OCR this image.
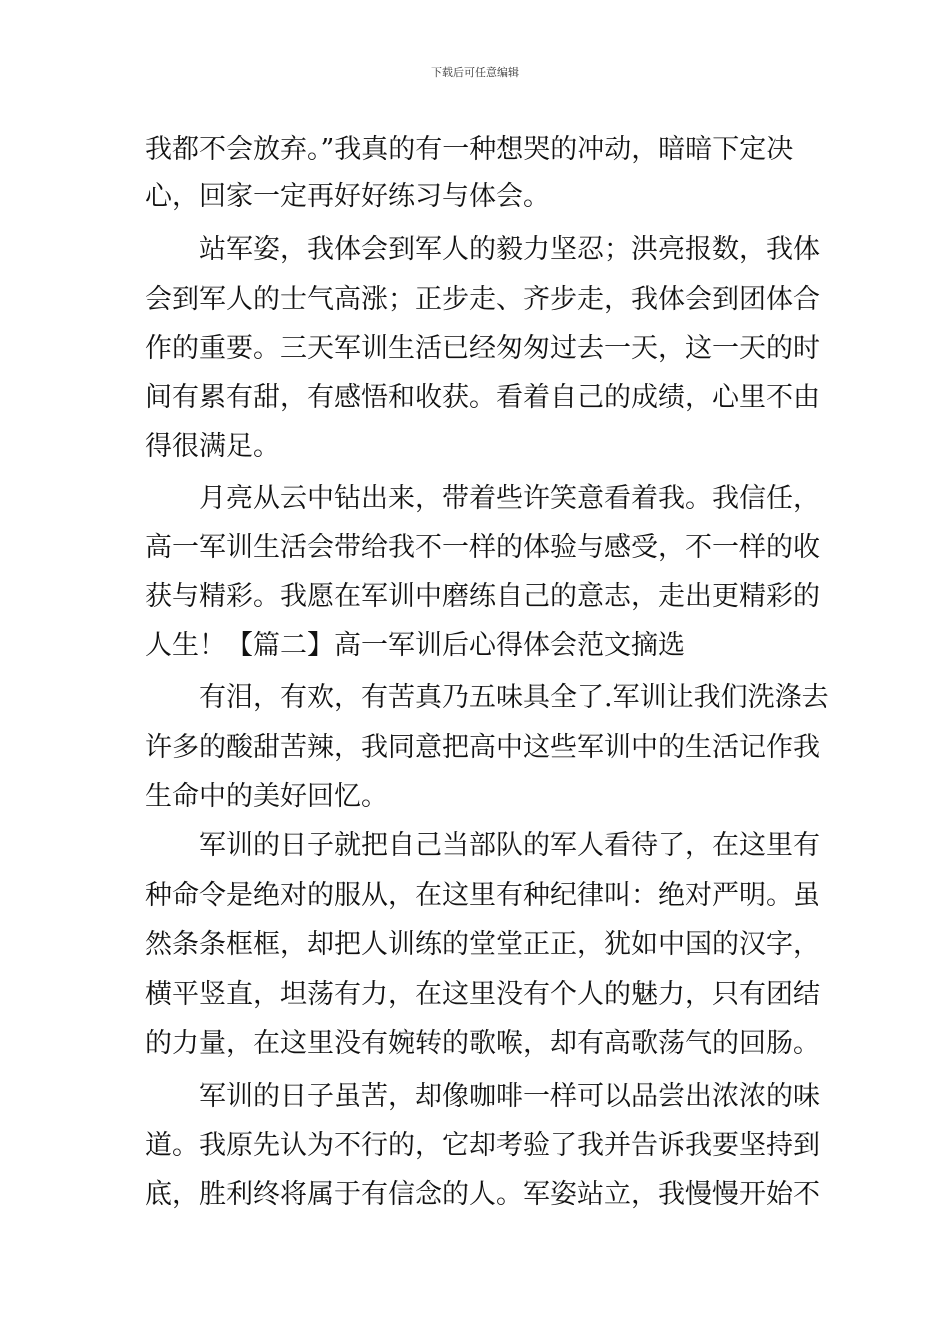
下载后可任意编辑
我都不会放弃。”我真的有一种想哭的冲动，暗暗下定决
心，回家一定再好好练习与体会。
站军姿，我体会到军人的毅力坚忍；洪亮报数，我体
会到军人的士气高涨；正步走、齐步走，我体会到团体合
作的重要。三天军训生活已经匆匆过去一天，这一天的时
间有累有甜，有感悟和收获。看着自己的成绩，心里不由
得很满足。
月亮从云中钻出来，带着些许笑意看着我。我信任，
高一军训生活会带给我不一样的体验与感受，不一样的收
获与精彩。我愿在军训中磨练自己的意志，走出更精彩的
人生！【篇二】高一军训后心得体会范文摘选
有泪，有欢，有苦真乃五味具全了.军训让我们洗涤去
许多的酸甜苦辣，我同意把高中这些军训中的生活记作我
生命中的美好回忆。
军训的日子就把自己当部队的军人看待了，在这里有
种命令是绝对的服从，在这里有种纪律叫：绝对严明。虽
然条条框框，却把人训练的堂堂正正，犹如中国的汉字，
横平竖直，坦荡有力，在这里没有个人的魅力，只有团结
的力量，在这里没有婉转的歌喉，却有高歌荡气的回肠。
军训的日子虽苦，却像咖啡一样可以品尝出浓浓的味
道。我原先认为不行的，它却考验了我并告诉我要坚持到
底，胜利终将属于有信念的人。军姿站立，我慢慢开始不
